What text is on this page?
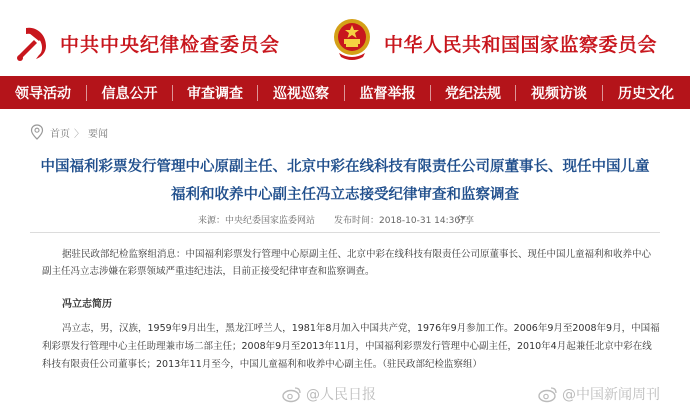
中共中央纪律检查委员会	中华人民共和国国家监察委员会
领导活动	信息公开	审查调查	巡视巡察	监督举报	党纪法规	视频访谈	历史文化
首页 〉 要闻
中国福利彩票发行管理中心原副主任、北京中彩在线科技有限责任公司原董事长、现任中国儿童
福利和收养中心副主任冯立志接受纪律审查和监察调查
来源：中央纪委国家监委网站 发布时间：2018-10-31 14:30
分享

据驻民政部纪检监察组消息：中国福利彩票发行管理中心原副主任、北京中彩在线科技有限责任公司原董事长、现任中国儿童福利和收养中心副主任冯立志涉嫌在彩票领域严重违纪违法，目前正接受纪律审查和监察调查。

冯立志简历

冯立志，男，汉族，1959年9月出生，黑龙江呼兰人，1981年8月加入中国共产党，1976年9月参加工作。2006年9月至2008年9月，中国福利彩票发行管理中心主任助理兼市场二部主任；2008年9月至2013年11月，中国福利彩票发行管理中心副主任，2010年4月起兼任北京中彩在线科技有限责任公司董事长；2013年11月至今，中国儿童福利和收养中心副主任。（驻民政部纪检监察组）

@人民日报	@中国新闻周刊
